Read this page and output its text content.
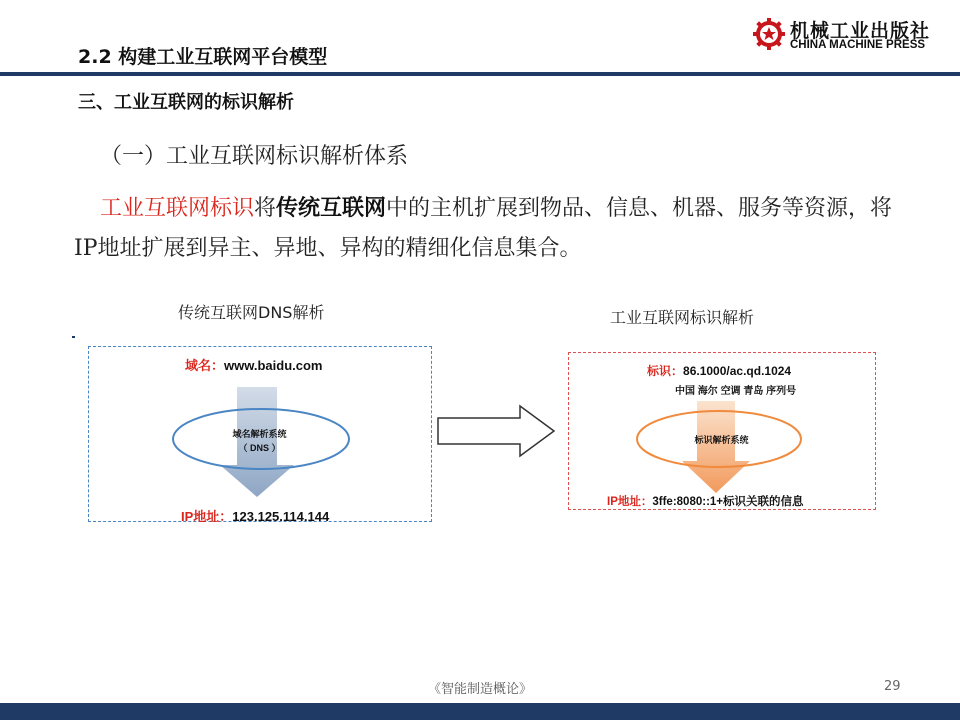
2.2 构建工业互联网平台模型
机械工业出版社
CHINA MACHINE PRESS
三、工业互联网的标识解析
（一）工业互联网标识解析体系
工业互联网标识将传统互联网中的主机扩展到物品、信息、机器、服务等资源，将IP地址扩展到异主、异地、异构的精细化信息集合。
传统互联网DNS解析
域名：www.baidu.com
域名解析系统
（ DNS ）
IP地址：123.125.114.144
工业互联网标识解析
标识：86.1000/ac.qd.1024
中国 海尔 空调 青岛 序列号
标识解析系统
IP地址：3ffe:8080::1+标识关联的信息
《智能制造概论》	29
